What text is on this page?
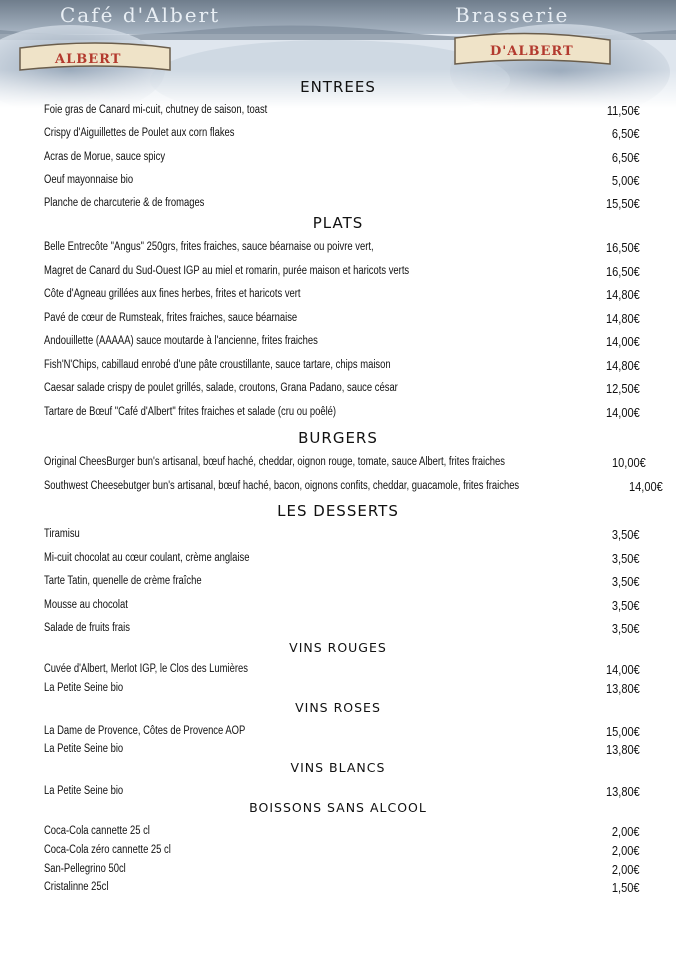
Café d'Albert	Brasserie
ALBERT
D'ALBERT
ENTREES
Foie gras de Canard mi-cuit, chutney de saison, toast	11,50€
Crispy d'Aiguillettes de Poulet aux corn flakes	6,50€
Acras de Morue, sauce spicy	6,50€
Oeuf mayonnaise bio	5,00€
Planche de charcuterie & de fromages	15,50€
PLATS
Belle Entrecôte "Angus" 250grs, frites fraiches, sauce béarnaise ou poivre vert,	16,50€
Magret de Canard du Sud-Ouest IGP au miel et romarin, purée maison et haricots verts	16,50€
Côte d'Agneau grillées aux fines herbes, frites et haricots vert	14,80€
Pavé de cœur de Rumsteak, frites fraiches, sauce béarnaise	14,80€
Andouillette (AAAAA) sauce moutarde à l'ancienne, frites fraiches	14,00€
Fish'N'Chips, cabillaud enrobé d'une pâte croustillante, sauce tartare, chips maison	14,80€
Caesar salade crispy de poulet grillés, salade, croutons, Grana Padano, sauce césar	12,50€
Tartare de Bœuf "Café d'Albert" frites fraiches et salade (cru ou poêlé)	14,00€
BURGERS
Original CheesBurger bun's artisanal, bœuf haché, cheddar, oignon rouge, tomate, sauce Albert, frites fraiches	10,00€
Southwest Cheesebutger bun's artisanal, bœuf haché, bacon, oignons confits, cheddar, guacamole, frites fraiches	14,00€
LES DESSERTS
Tiramisu	3,50€
Mi-cuit chocolat au cœur coulant, crème anglaise	3,50€
Tarte Tatin, quenelle de crème fraîche	3,50€
Mousse au chocolat	3,50€
Salade de fruits frais	3,50€
VINS ROUGES
Cuvée d'Albert, Merlot IGP, le Clos des Lumières	14,00€
La Petite Seine bio	13,80€
VINS ROSES
La Dame de Provence, Côtes de Provence AOP	15,00€
La Petite Seine bio	13,80€
VINS BLANCS
La Petite Seine bio	13,80€
BOISSONS SANS ALCOOL
Coca-Cola cannette 25 cl	2,00€
Coca-Cola zéro cannette 25 cl	2,00€
San-Pellegrino 50cl	2,00€
Cristalinne 25cl	1,50€
